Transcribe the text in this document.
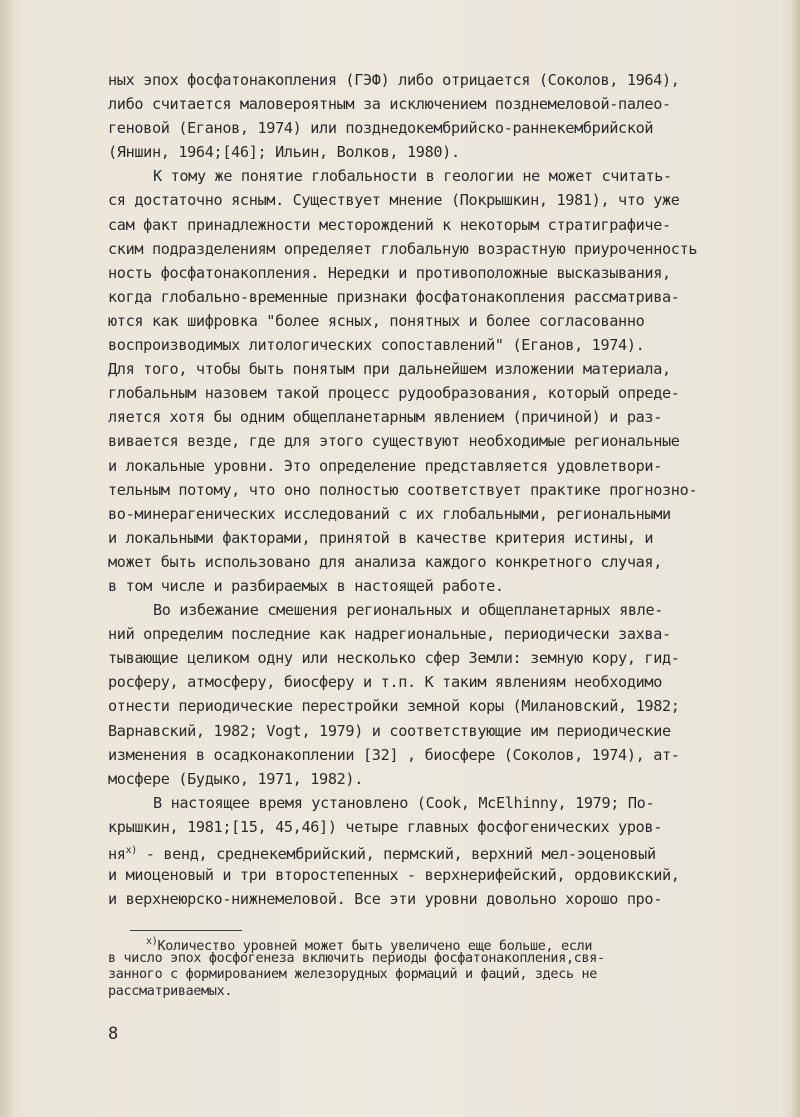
ных эпох фосфатонакопления (ГЭФ) либо отрицается (Соколов, 1964),
либо считается маловероятным за исключением позднемеловой-палео-
геновой (Еганов, 1974) или позднедокембрийско-раннекембрийской
(Яншин, 1964;[46]; Ильин, Волков, 1980).
К тому же понятие глобальности в геологии не может считать-
ся достаточно ясным. Существует мнение (Покрышкин, 1981), что уже
сам факт принадлежности месторождений к некоторым стратиграфиче-
ским подразделениям определяет глобальную возрастную приуроченность
ность фосфатонакопления. Нередки и противоположные высказывания,
когда глобально-временные признаки фосфатонакопления рассматрива-
ются как шифровка "более ясных, понятных и более согласованно
воспроизводимых литологических сопоставлений" (Еганов, 1974).
Для того, чтобы быть понятым при дальнейшем изложении материала,
глобальным назовем такой процесс рудообразования, который опреде-
ляется хотя бы одним общепланетарным явлением (причиной) и раз-
вивается везде, где для этого существуют необходимые региональные
и локальные уровни. Это определение представляется удовлетвори-
тельным потому, что оно полностью соответствует практике прогнозно-
во-минерагенических исследований с их глобальными, региональными
и локальными факторами, принятой в качестве критерия истины, и
может быть использовано для анализа каждого конкретного случая,
в том числе и разбираемых в настоящей работе.
Во избежание смешения региональных и общепланетарных явле-
ний определим последние как надрегиональные, периодически захва-
тывающие целиком одну или несколько сфер Земли: земную кору, гид-
росферу, атмосферу, биосферу и т.п. К таким явлениям необходимо
отнести периодические перестройки земной коры (Милановский, 1982;
Варнавский, 1982; Vogt, 1979) и соответствующие им периодические
изменения в осадконакоплении [32] , биосфере (Соколов, 1974), ат-
мосфере (Будыко, 1971, 1982).
В настоящее время установлено (Cook, McElhinny, 1979; По-
крышкин, 1981;[15, 45,46]) четыре главных фосфогенических уров-
$ня^{x)}$ - венд, среднекембрийский, пермский, верхний мел-эоценовый
и миоценовый и три второстепенных - верхнерифейский, ордовикский,
и верхнеюрско-нижнемеловой. Все эти уровни довольно хорошо про-
$^{x)}$Количество уровней может быть увеличено еще больше, если
в число эпох фосфогенеза включить периоды фосфатонакопления,свя-
занного с формированием железорудных формаций и фаций, здесь не
рассматриваемых.
8
